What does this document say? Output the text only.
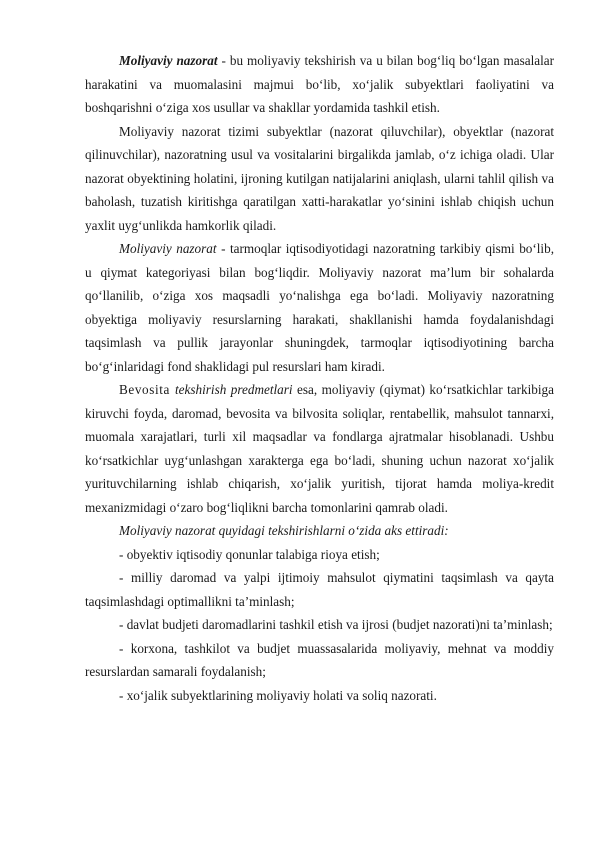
Moliyaviy nazorat - bu moliyaviy tekshirish va u bilan bog‘liq bo‘lgan masalalar harakatini va muomalasini majmui bo‘lib, xo‘jalik subyektlari faoliyatini va boshqarishni o‘ziga xos usullar va shakllar yordamida tashkil etish.

Moliyaviy nazorat tizimi subyektlar (nazorat qiluvchilar), obyektlar (nazorat qilinuvchilar), nazoratning usul va vositalarini birgalikda jamlab, o‘z ichiga oladi. Ular nazorat obyektining holatini, ijroning kutilgan natijalarini aniqlash, ularni tahlil qilish va baholash, tuzatish kiritishga qaratilgan xatti-harakatlar yo‘sinini ishlab chiqish uchun yaxlit uyg‘unlikda hamkorlik qiladi.

Moliyaviy nazorat - tarmoqlar iqtisodiyotidagi nazoratning tarkibiy qismi bo‘lib, u qiymat kategoriyasi bilan bog‘liqdir. Moliyaviy nazorat ma’lum bir sohalarda qo‘llanilib, o‘ziga xos maqsadli yo‘nalishga ega bo‘ladi. Moliyaviy nazoratning obyektiga moliyaviy resurslarning harakati, shakllanishi hamda foydalanishdagi taqsimlash va pullik jarayonlar shuningdek, tarmoqlar iqtisodiyotining barcha bo‘g‘inlaridagi fond shaklidagi pul resurslari ham kiradi.

Bevosita tekshirish predmetlari esa, moliyaviy (qiymat) ko‘rsatkichlar tarkibiga kiruvchi foyda, daromad, bevosita va bilvosita soliqlar, rentabellik, mahsulot tannarxi, muomala xarajatlari, turli xil maqsadlar va fondlarga ajratmalar hisoblanadi. Ushbu ko‘rsatkichlar uyg‘unlashgan xarakterga ega bo‘ladi, shuning uchun nazorat xo‘jalik yurituvchilarning ishlab chiqarish, xo‘jalik yuritish, tijorat hamda moliya-kredit mexanizmidagi o‘zaro bog‘liqlikni barcha tomonlarini qamrab oladi.

Moliyaviy nazorat quyidagi tekshirishlarni o‘zida aks ettiradi:

- obyektiv iqtisodiy qonunlar talabiga rioya etish;

- milliy daromad va yalpi ijtimoiy mahsulot qiymatini taqsimlash va qayta taqsimlashdagi optimallikni ta’minlash;

- davlat budjeti daromadlarini tashkil etish va ijrosi (budjet nazorati)ni ta’minlash;

- korxona, tashkilot va budjet muassasalarida moliyaviy, mehnat va moddiy resurslardan samarali foydalanish;

- xo‘jalik subyektlarining moliyaviy holati va soliq nazorati.
